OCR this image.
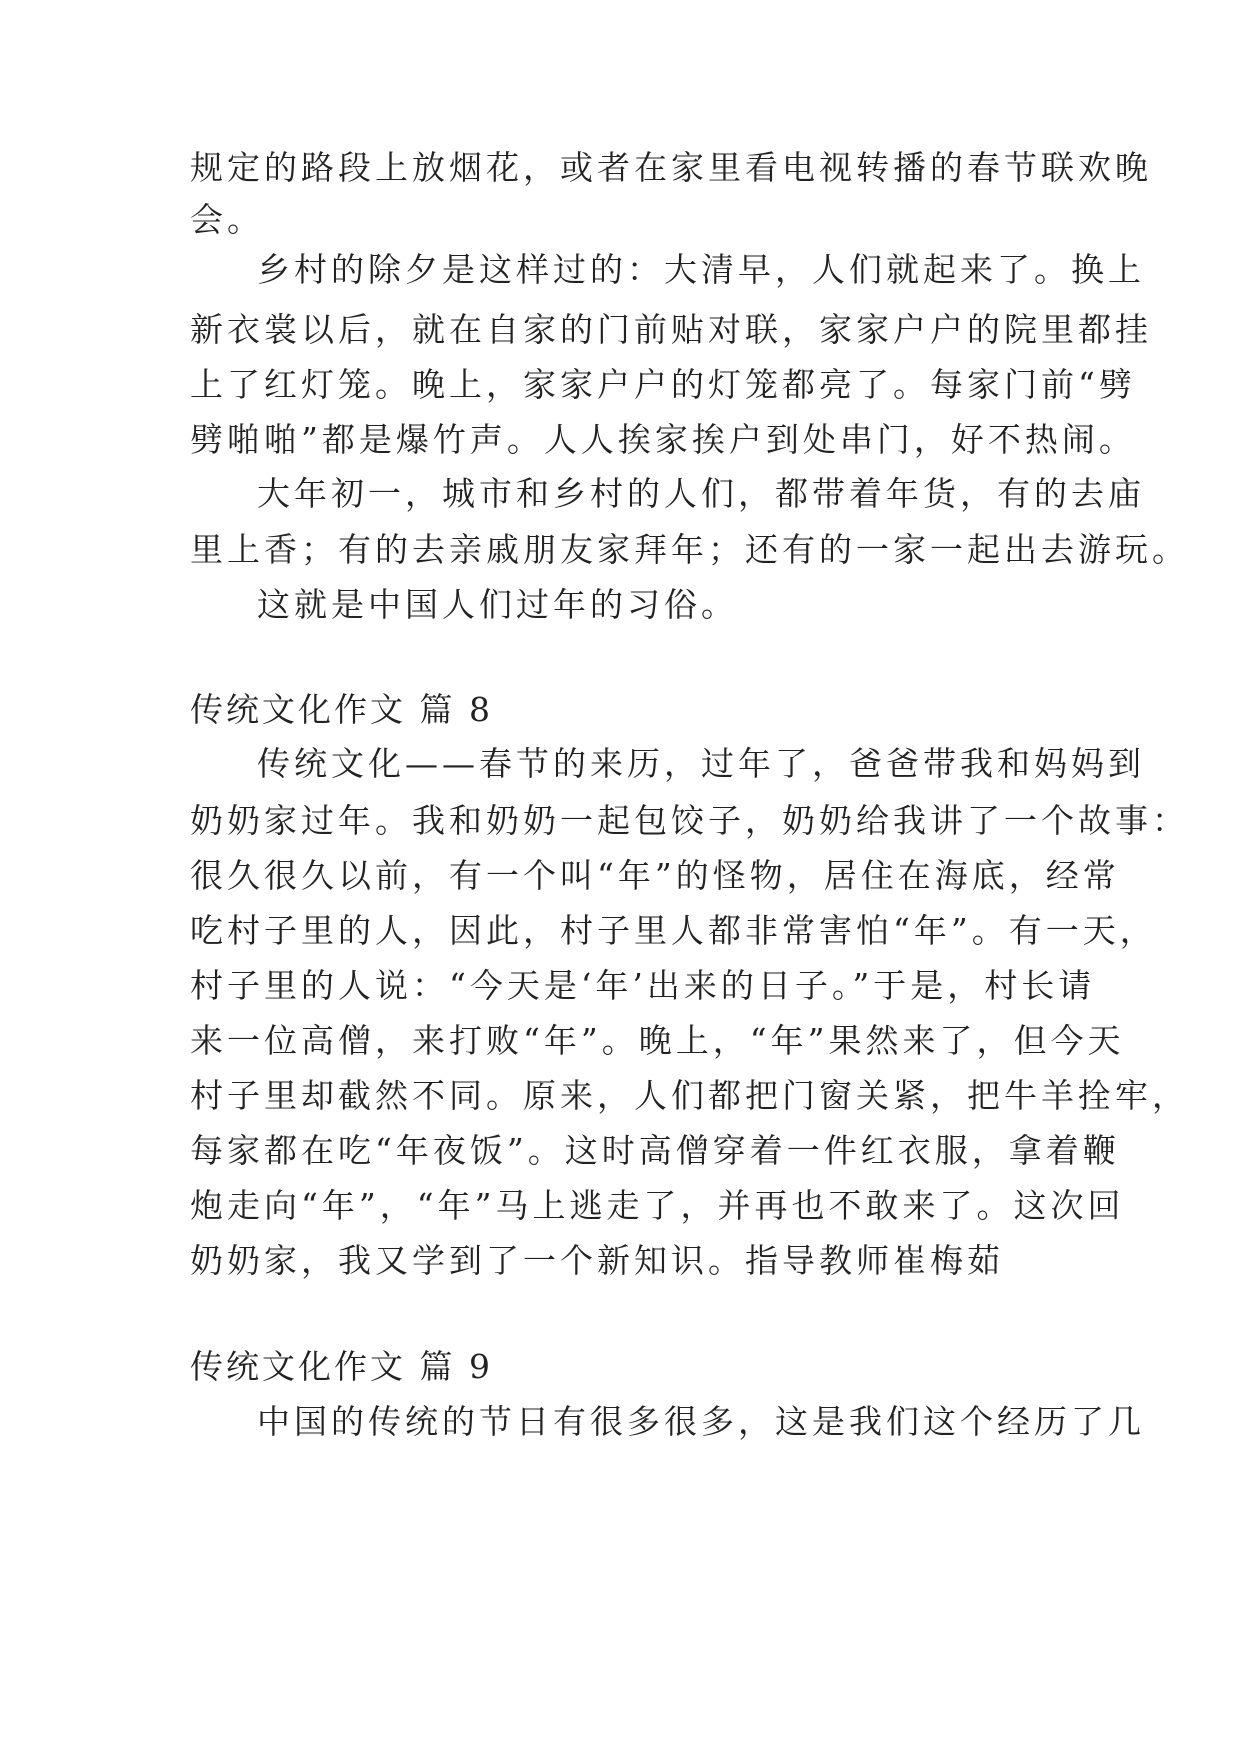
规定的路段上放烟花，或者在家里看电视转播的春节联欢晚

会。

乡村的除夕是这样过的：大清早，人们就起来了。换上

新衣裳以后，就在自家的门前贴对联，家家户户的院里都挂

上了红灯笼。晚上，家家户户的灯笼都亮了。每家门前“劈

劈啪啪”都是爆竹声。人人挨家挨户到处串门，好不热闹。

大年初一，城市和乡村的人们，都带着年货，有的去庙

里上香；有的去亲戚朋友家拜年；还有的一家一起出去游玩。

这就是中国人们过年的习俗。

传统文化作文 篇 8

传统文化——春节的来历，过年了，爸爸带我和妈妈到

奶奶家过年。我和奶奶一起包饺子，奶奶给我讲了一个故事：

很久很久以前，有一个叫“年”的怪物，居住在海底，经常

吃村子里的人，因此，村子里人都非常害怕“年”。有一天，

村子里的人说：“今天是‘年’出来的日子。”于是，村长请

来一位高僧，来打败“年”。晚上，“年”果然来了，但今天

村子里却截然不同。原来，人们都把门窗关紧，把牛羊拴牢，

每家都在吃“年夜饭”。这时高僧穿着一件红衣服，拿着鞭

炮走向“年”，“年”马上逃走了，并再也不敢来了。这次回

奶奶家，我又学到了一个新知识。指导教师崔梅茹

传统文化作文 篇 9

中国的传统的节日有很多很多，这是我们这个经历了几
